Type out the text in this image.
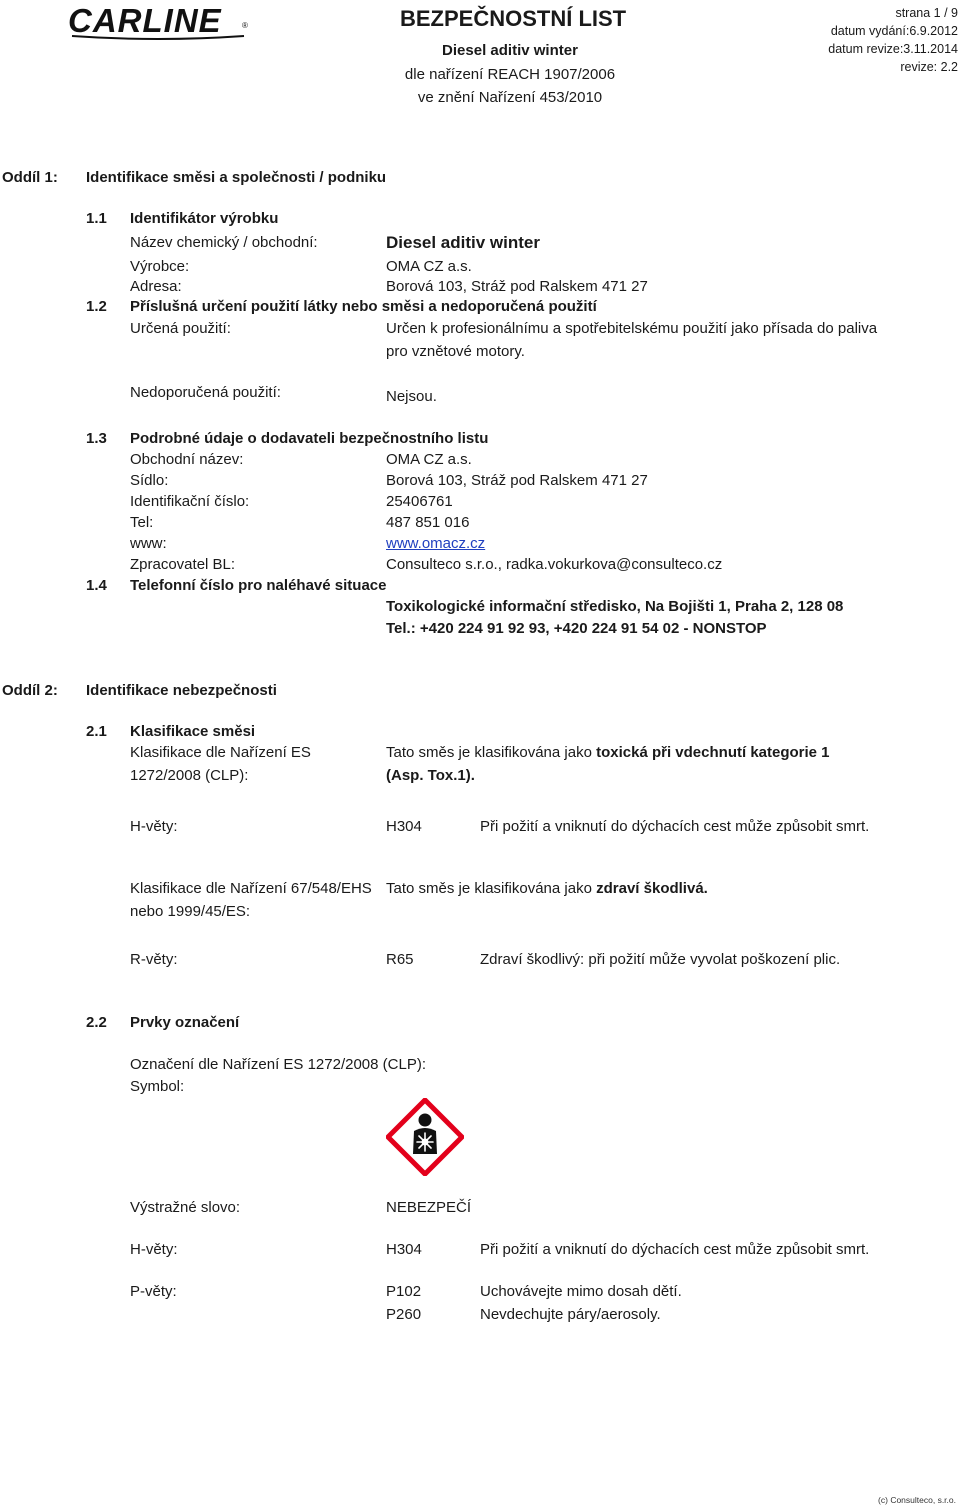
CARLINE	®	BEZPEČNOSTNÍ LIST
Diesel aditiv winter
dle nařízení REACH 1907/2006
ve znění Nařízení 453/2010
strana 1 / 9
datum vydání:6.9.2012
datum revize:3.11.2014
revize: 2.2
Oddíl 1: Identifikace směsi a společnosti / podniku
1.1 Identifikátor výrobku
Název chemický / obchodní:	Diesel aditiv winter
Výrobce:	OMA CZ a.s.
Adresa:	Borová 103, Stráž pod Ralskem 471 27
1.2 Příslušná určení použití látky nebo směsi a nedoporučená použití
Určená použití:	Určen k profesionálnímu a spotřebitelskému použití jako přísada do paliva
pro vznětové motory.
Nedoporučená použití:	Nejsou.
1.3 Podrobné údaje o dodavateli bezpečnostního listu
Obchodní název:	OMA CZ a.s.
Sídlo:	Borová 103, Stráž pod Ralskem 471 27
Identifikační číslo:	25406761
Tel:	487 851 016
www:	www.omacz.cz
Zpracovatel BL:	Consulteco s.r.o., radka.vokurkova@consulteco.cz
1.4 Telefonní číslo pro naléhavé situace
Toxikologické informační středisko, Na Bojišti 1, Praha 2, 128 08
Tel.: +420 224 91 92 93, +420 224 91 54 02 - NONSTOP
Oddíl 2: Identifikace nebezpečnosti
2.1 Klasifikace směsi
Klasifikace dle Nařízení ES
1272/2008 (CLP):
Tato směs je klasifikována jako toxická při vdechnutí kategorie 1
(Asp. Tox.1).
H-věty:	H304	Při požití a vniknutí do dýchacích cest může způsobit smrt.
Klasifikace dle Nařízení 67/548/EHS
nebo 1999/45/ES:
Tato směs je klasifikována jako zdraví škodlivá.
R-věty:	R65	Zdraví škodlivý: při požití může vyvolat poškození plic.
2.2 Prvky označení
Označení dle Nařízení ES 1272/2008 (CLP):
Symbol:
Výstražné slovo:	NEBEZPEČÍ
H-věty:	H304	Při požití a vniknutí do dýchacích cest může způsobit smrt.
P-věty:	P102	Uchovávejte mimo dosah dětí.
P260	Nevdechujte páry/aerosoly.
(c) Consulteco, s.r.o.
